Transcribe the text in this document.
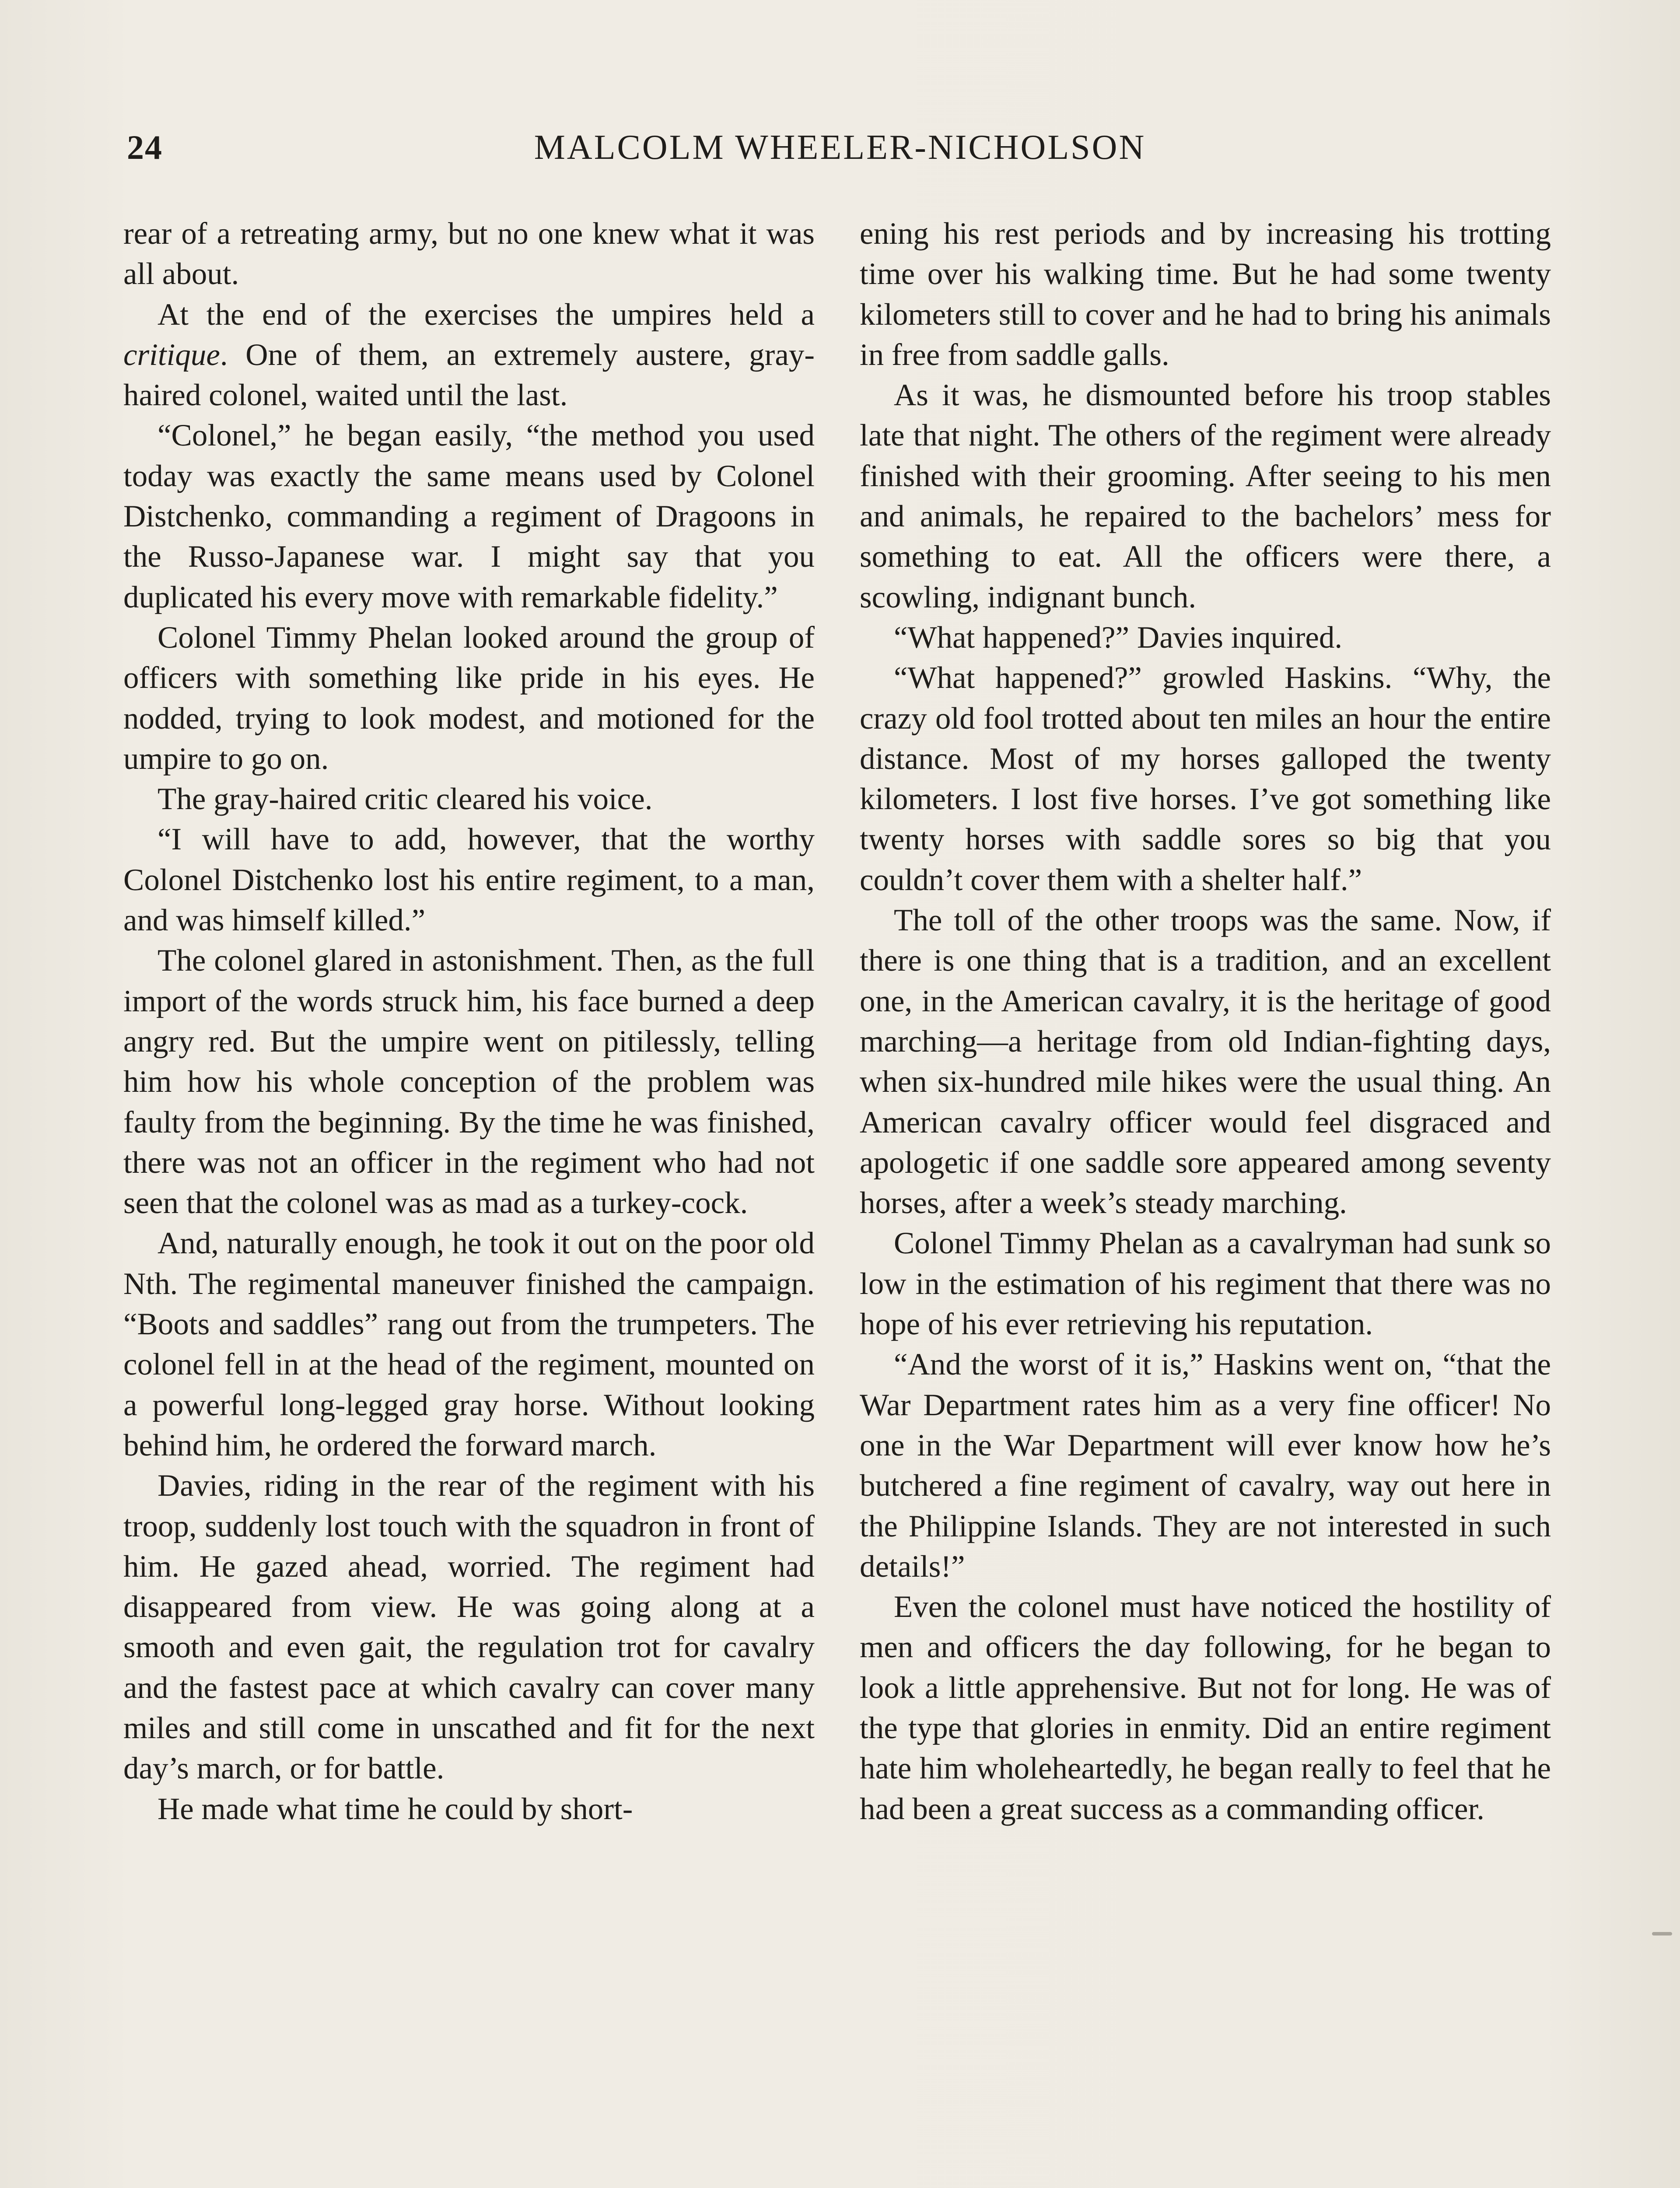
24	MALCOLM WHEELER-NICHOLSON

rear of a retreating army, but no one knew what it was all about.

At the end of the exercises the umpires held a critique. One of them, an extremely austere, gray-haired colonel, waited until the last.

“Colonel,” he began easily, “the method you used today was exactly the same means used by Colonel Distchenko, commanding a regiment of Dragoons in the Russo-Japanese war. I might say that you duplicated his every move with remarkable fidelity.”

Colonel Timmy Phelan looked around the group of officers with something like pride in his eyes. He nodded, trying to look modest, and motioned for the umpire to go on.

The gray-haired critic cleared his voice.

“I will have to add, however, that the worthy Colonel Distchenko lost his entire regiment, to a man, and was himself killed.”

The colonel glared in astonishment. Then, as the full import of the words struck him, his face burned a deep angry red. But the umpire went on pitilessly, telling him how his whole conception of the problem was faulty from the beginning. By the time he was finished, there was not an officer in the regiment who had not seen that the colonel was as mad as a turkey-cock.

And, naturally enough, he took it out on the poor old Nth. The regimental maneuver finished the campaign. “Boots and saddles” rang out from the trumpeters. The colonel fell in at the head of the regiment, mounted on a powerful long-legged gray horse. Without looking behind him, he ordered the forward march.

Davies, riding in the rear of the regiment with his troop, suddenly lost touch with the squadron in front of him. He gazed ahead, worried. The regiment had disappeared from view. He was going along at a smooth and even gait, the regulation trot for cavalry and the fastest pace at which cavalry can cover many miles and still come in unscathed and fit for the next day’s march, or for battle.

He made what time he could by short-

ening his rest periods and by increasing his trotting time over his walking time. But he had some twenty kilometers still to cover and he had to bring his animals in free from saddle galls.

As it was, he dismounted before his troop stables late that night. The others of the regiment were already finished with their grooming. After seeing to his men and animals, he repaired to the bachelors’ mess for something to eat. All the officers were there, a scowling, indignant bunch.

“What happened?” Davies inquired.

“What happened?” growled Haskins. “Why, the crazy old fool trotted about ten miles an hour the entire distance. Most of my horses galloped the twenty kilometers. I lost five horses. I’ve got something like twenty horses with saddle sores so big that you couldn’t cover them with a shelter half.”

The toll of the other troops was the same. Now, if there is one thing that is a tradition, and an excellent one, in the American cavalry, it is the heritage of good marching—a heritage from old Indian-fighting days, when six-hundred mile hikes were the usual thing. An American cavalry officer would feel disgraced and apologetic if one saddle sore appeared among seventy horses, after a week’s steady marching.

Colonel Timmy Phelan as a cavalryman had sunk so low in the estimation of his regiment that there was no hope of his ever retrieving his reputation.

“And the worst of it is,” Haskins went on, “that the War Department rates him as a very fine officer! No one in the War Department will ever know how he’s butchered a fine regiment of cavalry, way out here in the Philippine Islands. They are not interested in such details!”

Even the colonel must have noticed the hostility of men and officers the day following, for he began to look a little apprehensive. But not for long. He was of the type that glories in enmity. Did an entire regiment hate him wholeheartedly, he began really to feel that he had been a great success as a commanding officer.
